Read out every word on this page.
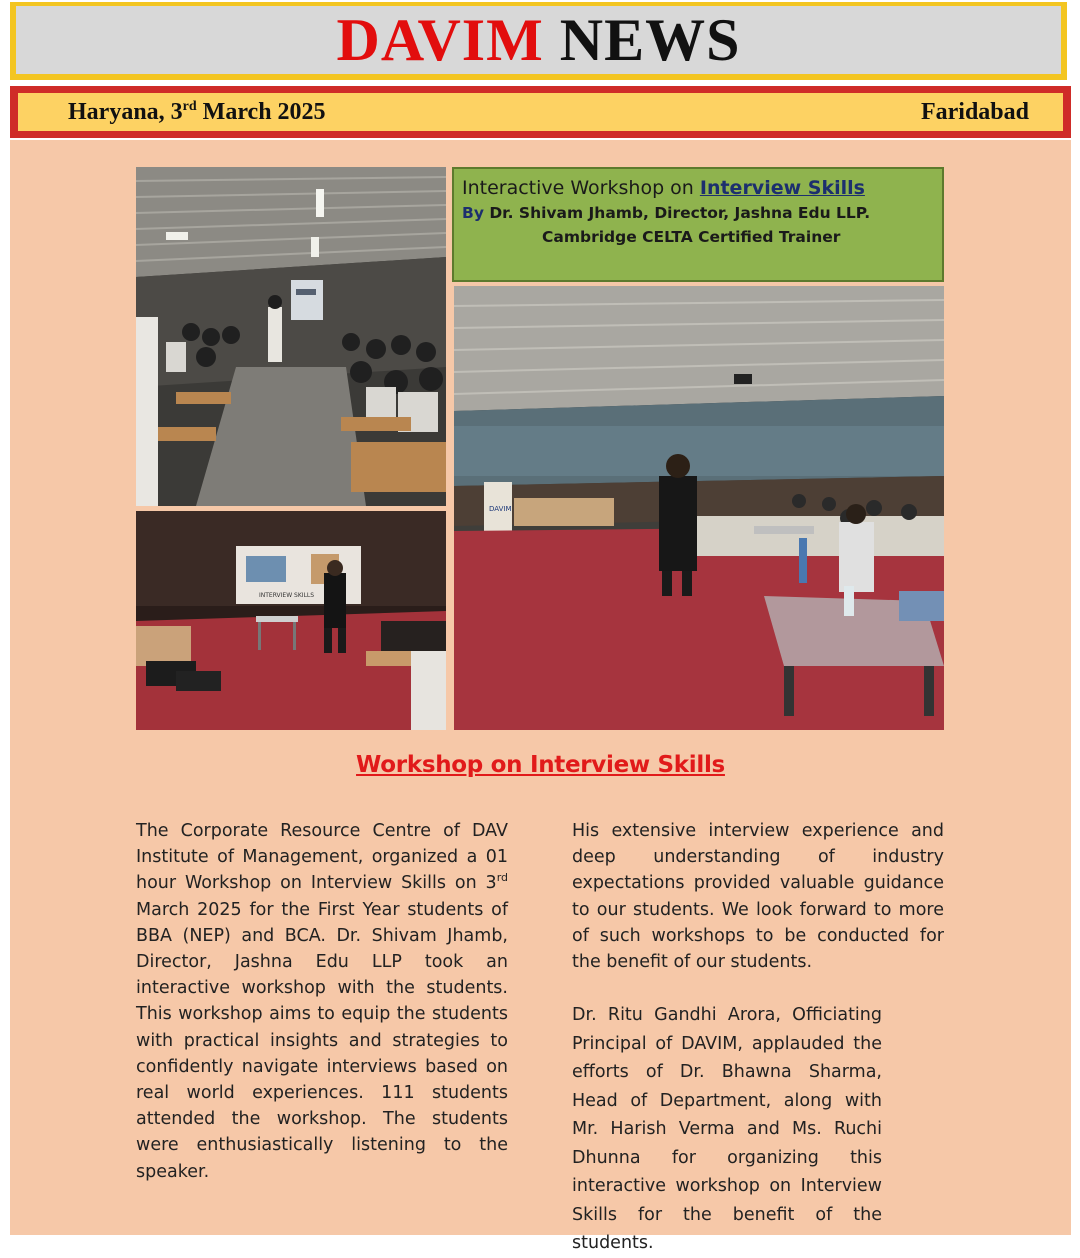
DAVIM NEWS
Haryana, 3rd March 2025	Faridabad
INTERVIEW SKILLS
DAVIM
Interactive Workshop on Interview Skills
By Dr. Shivam Jhamb, Director, Jashna Edu LLP.
Cambridge CELTA Certified Trainer
Workshop on Interview Skills

The Corporate Resource Centre of DAV Institute of Management, organized a 01 hour Workshop on Interview Skills on 3rd March 2025 for the First Year students of BBA (NEP) and BCA. Dr. Shivam Jhamb, Director, Jashna Edu LLP took an interactive workshop with the students. This workshop aims to equip the students with practical insights and strategies to confidently navigate interviews based on real world experiences. 111 students attended the workshop. The students were enthusiastically listening to the speaker.

His extensive interview experience and deep understanding of industry expectations provided valuable guidance to our students. We look forward to more of such workshops to be conducted for the benefit of our students.

Dr. Ritu Gandhi Arora, Officiating Principal of DAVIM, applauded the efforts of Dr. Bhawna Sharma, Head of Department, along with Mr. Harish Verma and Ms. Ruchi Dhunna for organizing this interactive workshop on Interview Skills for the benefit of the students.
